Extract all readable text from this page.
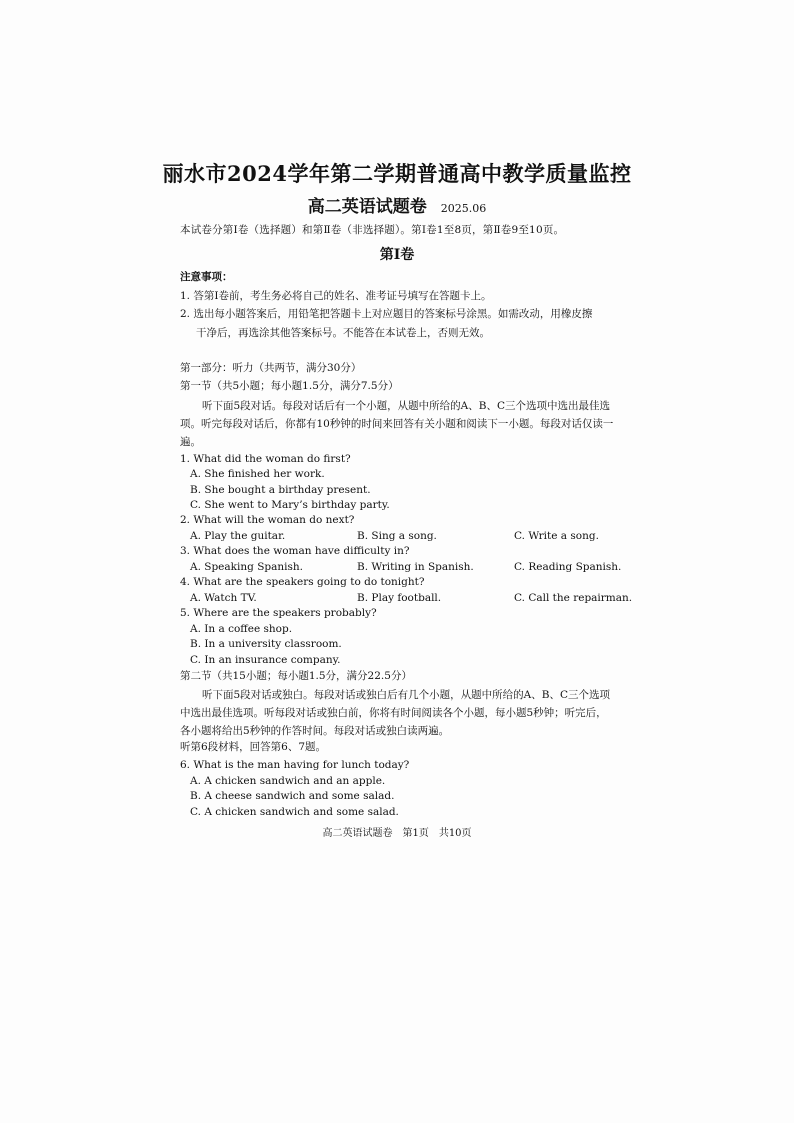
丽水市2024学年第二学期普通高中教学质量监控
高二英语试题卷 2025.06
本试卷分第Ⅰ卷（选择题）和第Ⅱ卷（非选择题）。第Ⅰ卷1至8页，第Ⅱ卷9至10页。
第Ⅰ卷
注意事项：
1. 答第Ⅰ卷前，考生务必将自己的姓名、准考证号填写在答题卡上。
2. 选出每小题答案后，用铅笔把答题卡上对应题目的答案标号涂黑。如需改动，用橡皮擦
干净后，再选涂其他答案标号。不能答在本试卷上，否则无效。
第一部分：听力（共两节，满分30分）
第一节（共5小题；每小题1.5分，满分7.5分）
听下面5段对话。每段对话后有一个小题，从题中所给的A、B、C三个选项中选出最佳选项。听完每段对话后，你都有10秒钟的时间来回答有关小题和阅读下一小题。每段对话仅读一遍。
1. What did the woman do first?
A. She finished her work.
B. She bought a birthday present.
C. She went to Mary’s birthday party.
2. What will the woman do next?
A. Play the guitar.	B. Sing a song.	C. Write a song.
3. What does the woman have difficulty in?
A. Speaking Spanish.	B. Writing in Spanish.	C. Reading Spanish.
4. What are the speakers going to do tonight?
A. Watch TV.	B. Play football.	C. Call the repairman.
5. Where are the speakers probably?
A. In a coffee shop.
B. In a university classroom.
C. In an insurance company.
第二节（共15小题；每小题1.5分，满分22.5分）
听下面5段对话或独白。每段对话或独白后有几个小题，从题中所给的A、B、C三个选项中选出最佳选项。听每段对话或独白前，你将有时间阅读各个小题，每小题5秒钟；听完后，各小题将给出5秒钟的作答时间。每段对话或独白读两遍。
听第6段材料，回答第6、7题。
6. What is the man having for lunch today?
A. A chicken sandwich and an apple.
B. A cheese sandwich and some salad.
C. A chicken sandwich and some salad.
高二英语试题卷　第1页　共10页
